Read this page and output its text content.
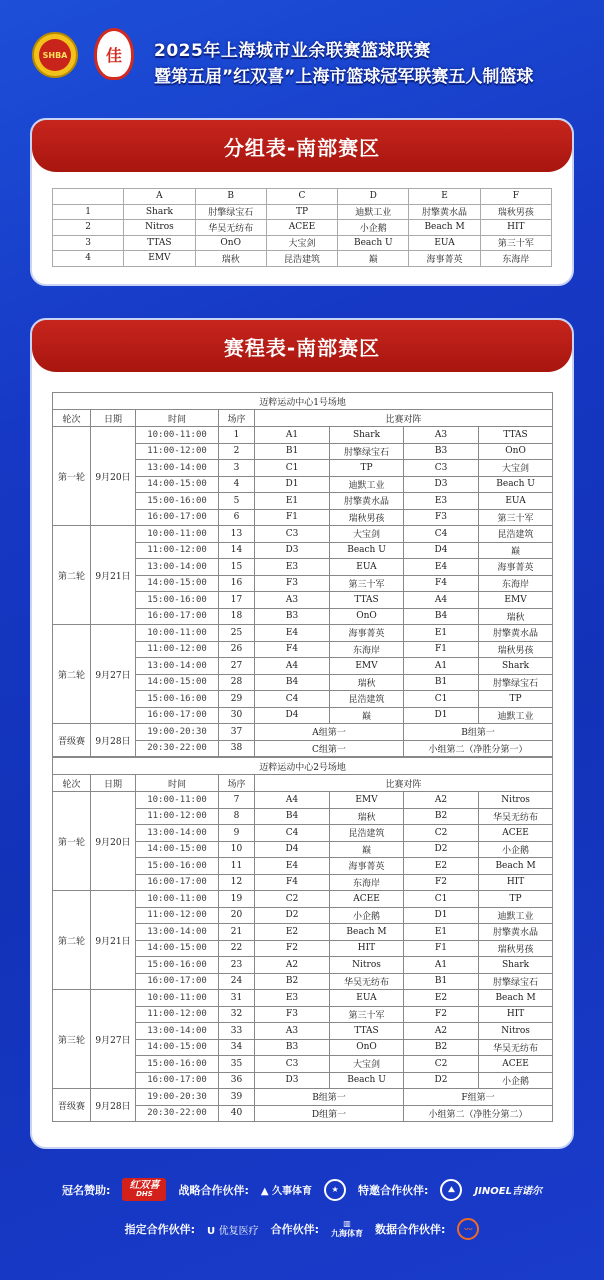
SHBA	佳	2025年上海城市业余联赛篮球联赛
暨第五届”红双喜”上海市篮球冠军联赛五人制篮球
分组表-南部赛区
	A	B	C	D	E	F
1	Shark	肘擎绿宝石	TP	迪默工业	肘擎黄水晶	瑞秋男孩
2	Nitros	华吴无纺布	ACEE	小企鹅	Beach M	HIT
3	TTAS	OnO	大宝剑	Beach U	EUA	第三十军
4	EMV	瑞秋	昆浩建筑	巅	海事菁英	东海岸
赛程表-南部赛区
迈粹运动中心1号场地							
轮次	日期	时间	场序	比赛对阵			
第一轮	9月20日	10:00-11:00	1	A1	Shark	A3	TTAS
		11:00-12:00	2	B1	肘擎绿宝石	B3	OnO
		13:00-14:00	3	C1	TP	C3	大宝剑
		14:00-15:00	4	D1	迪默工业	D3	Beach U
		15:00-16:00	5	E1	肘擎黄水晶	E3	EUA
		16:00-17:00	6	F1	瑞秋男孩	F3	第三十军
第二轮	9月21日	10:00-11:00	13	C3	大宝剑	C4	昆浩建筑
		11:00-12:00	14	D3	Beach U	D4	巅
		13:00-14:00	15	E3	EUA	E4	海事菁英
		14:00-15:00	16	F3	第三十军	F4	东海岸
		15:00-16:00	17	A3	TTAS	A4	EMV
		16:00-17:00	18	B3	OnO	B4	瑞秋
第二轮	9月27日	10:00-11:00	25	E4	海事菁英	E1	肘擎黄水晶
		11:00-12:00	26	F4	东海岸	F1	瑞秋男孩
		13:00-14:00	27	A4	EMV	A1	Shark
		14:00-15:00	28	B4	瑞秋	B1	肘擎绿宝石
		15:00-16:00	29	C4	昆浩建筑	C1	TP
		16:00-17:00	30	D4	巅	D1	迪默工业
晋级赛	9月28日	19:00-20:30	37	A组第一		B组第一	
		20:30-22:00	38	C组第一		小组第二（净胜分第一）	
迈粹运动中心2号场地							
轮次	日期	时间	场序	比赛对阵			
第一轮	9月20日	10:00-11:00	7	A4	EMV	A2	Nitros
		11:00-12:00	8	B4	瑞秋	B2	华吴无纺布
		13:00-14:00	9	C4	昆浩建筑	C2	ACEE
		14:00-15:00	10	D4	巅	D2	小企鹅
		15:00-16:00	11	E4	海事菁英	E2	Beach M
		16:00-17:00	12	F4	东海岸	F2	HIT
第二轮	9月21日	10:00-11:00	19	C2	ACEE	C1	TP
		11:00-12:00	20	D2	小企鹅	D1	迪默工业
		13:00-14:00	21	E2	Beach M	E1	肘擎黄水晶
		14:00-15:00	22	F2	HIT	F1	瑞秋男孩
		15:00-16:00	23	A2	Nitros	A1	Shark
		16:00-17:00	24	B2	华吴无纺布	B1	肘擎绿宝石
第三轮	9月27日	10:00-11:00	31	E3	EUA	E2	Beach M
		11:00-12:00	32	F3	第三十军	F2	HIT
		13:00-14:00	33	A3	TTAS	A2	Nitros
		14:00-15:00	34	B3	OnO	B2	华吴无纺布
		15:00-16:00	35	C3	大宝剑	C2	ACEE
		16:00-17:00	36	D3	Beach U	D2	小企鹅
晋级赛	9月28日	19:00-20:30	39	B组第一		F组第一	
		20:30-22:00	40	D组第一		小组第二（净胜分第二）	
冠名赞助:	红双喜
DHS	战略合作伙伴: ▲ 久事体育	★	特邀合作伙伴:	⛰	JINOEL吉诺尔
指定合作伙伴: U 优复医疗 合作伙伴:	▥
九海体育 数据合作伙伴:	〰
